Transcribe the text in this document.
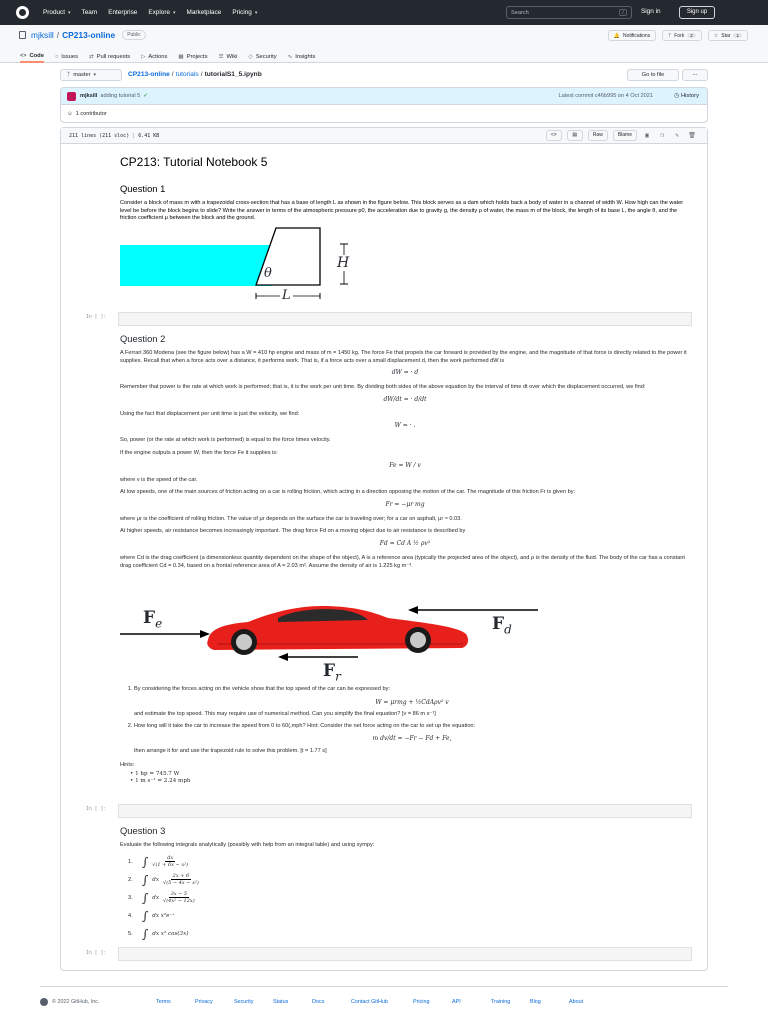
Product ▾ Team Enterprise Explore ▾ Marketplace Pricing ▾	Search	/	Sign in	Sign up
mjksill / CP213-online	Public	🔔 Notifications	ᛉ Fork	2	☆ Star	1
<> Code ○ Issues ⇄ Pull requests ▷ Actions ▦ Projects ☰ Wiki ◇ Security ∿ Insights
ᛉ master ▾	CP213-online / tutorials / tutorialS1_5.ipynb	Go to file	...
mjksill adding tutorial 5 ✓	Latest commit c46b995 on 4 Oct 2021	◷ History
☺ 1 contributor
211 lines (211 sloc) | 6.41 KB	<>	▤	Raw	Blame	▣	❐	✎	🗑
CP213: Tutorial Notebook 5
Question 1

Consider a block of mass m with a trapezoidal cross-section that has a base of length L as shown in the figure below. This block serves as a dam which holds back a body of water in a channel of width W. How high can the water level be before the block begins to slide? Write the answer in terms of the atmospheric pressure p0, the acceleration due to gravity g, the density ρ of water, the mass m of the block, the length of its base L, the angle θ, and the friction coefficient μ between the block and the ground.

θ
H
L
In [ ]:
Question 2

A Ferrari 360 Modena (see the figure below) has a W = 410 hp engine and mass of m = 1450 kg. The force Fe that propels the car forward is provided by the engine, and the magnitude of that force is directly related to the power it supplies. Recall that when a force acts over a distance, it performs work. That is, if a force acts over a small displacement d, then the work performed dW is

dW = · d

Remember that power is the rate at which work is performed; that is, it is the work per unit time. By dividing both sides of the above equation by the interval of time dt over which the displacement occurred, we find:

dW/dt = · d/dt

Using the fact that displacement per unit time is just the velocity, we find:

W = · .

So, power (or the rate at which work is performed) is equal to the force times velocity.

If the engine outputs a power W, then the force Fe it supplies is:

Fe = W / v

where v is the speed of the car.

At low speeds, one of the main sources of friction acting on a car is rolling friction, which acting in a direction opposing the motion of the car. The magnitude of this friction Fr is given by:

Fr = −μr mg

where μr is the coefficient of rolling friction. The value of μr depends on the surface the car is traveling over; for a car on asphalt, μr ≈ 0.03.

At higher speeds, air resistance becomes increasingly important. The drag force Fd on a moving object due to air resistance is described by

Fd = Cd A ½ ρv²

where Cd is the drag coefficient (a dimensionless quantity dependent on the shape of the object), A is a reference area (typically the projected area of the object), and ρ is the density of the fluid. The body of the car has a constant drag coefficient Cd = 0.34, based on a frontal reference area of A = 2.03 m². Assume the density of air is 1.225 kg m⁻³.

$F_e$	$F_d$
$F_r$
1. By considering the forces acting on the vehicle show that the top speed of the car can be expressed by:
W = μrmg + ½CdAρv² v
and estimate the top speed. This may require use of numerical method. Can you simplify the final equation? [v = 86 m s⁻¹]
2. How long will it take the car to increase the speed from 0 to 60(,mph? Hint: Consider the net force acting on the car to set up the equation:
m dv/dt = −Fr − Fd + Fe,
then arrange it for and use the trapezoid rule to solve this problem. [t = 1.77 s]

Hints:

• 1 hp = 745.7 W
• 1 m s⁻¹ = 2.24 mph
In [ ]:
Question 3

Evaluate the following integrals analytically (possibly with help from an integral table) and using sympy:

1. ∫ $\frac{dx}{\text{√(1 + 6x − x²)}}$
2. ∫ dx $\frac{2x + 6}{\text{√(5 − 4x − x²)}}$
3. ∫ dx $\frac{3x - 5}{\text{√(4x² − 12x)}}$
4. ∫ dx x²e⁻ˣ
5. ∫ dx x² cos(3x)
In [ ]:
© 2022 GitHub, Inc.	Terms	Privacy	Security	Status	Docs	Contact GitHub	Pricing	API	Training	Blog	About
